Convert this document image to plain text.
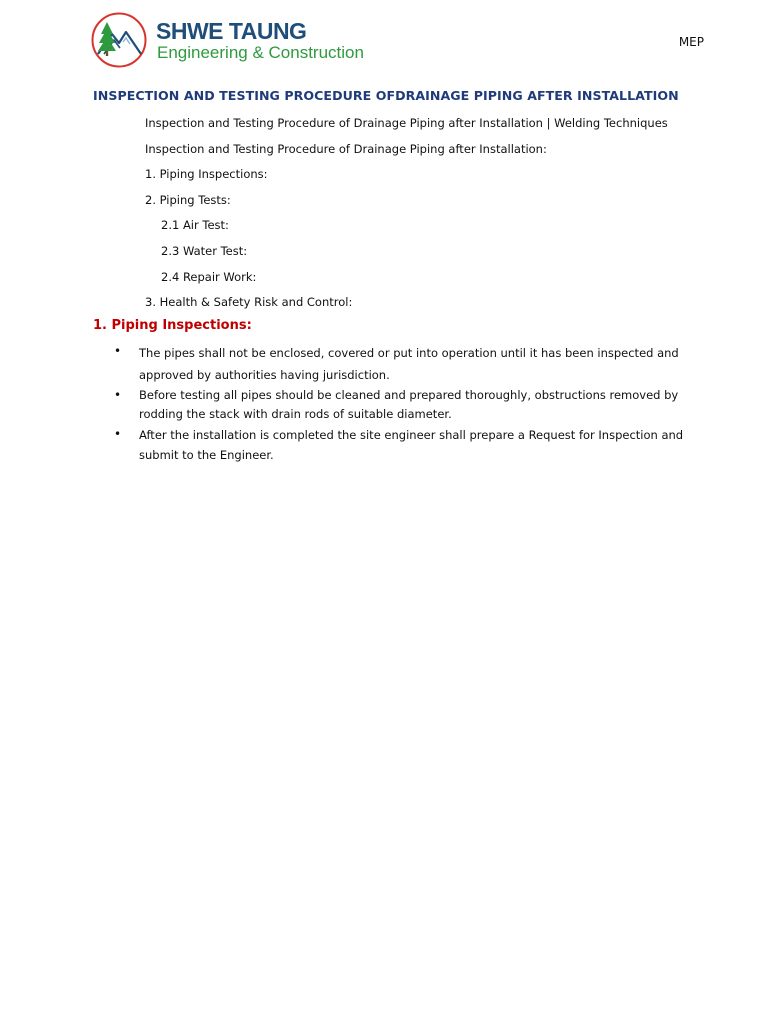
SHWE TAUNG
Engineering & Construction
MEP
INSPECTION AND TESTING PROCEDURE OFDRAINAGE PIPING AFTER INSTALLATION
Inspection and Testing Procedure of Drainage Piping after Installation | Welding Techniques
Inspection and Testing Procedure of Drainage Piping after Installation:
1. Piping Inspections:
2. Piping Tests:
2.1 Air Test:
2.3 Water Test:
2.4 Repair Work:
3. Health & Safety Risk and Control:
1. Piping Inspections:
• The pipes shall not be enclosed, covered or put into operation until it has been inspected and
approved by authorities having jurisdiction.
• Before testing all pipes should be cleaned and prepared thoroughly, obstructions removed by
rodding the stack with drain rods of suitable diameter.
• After the installation is completed the site engineer shall prepare a Request for Inspection and
submit to the Engineer.
